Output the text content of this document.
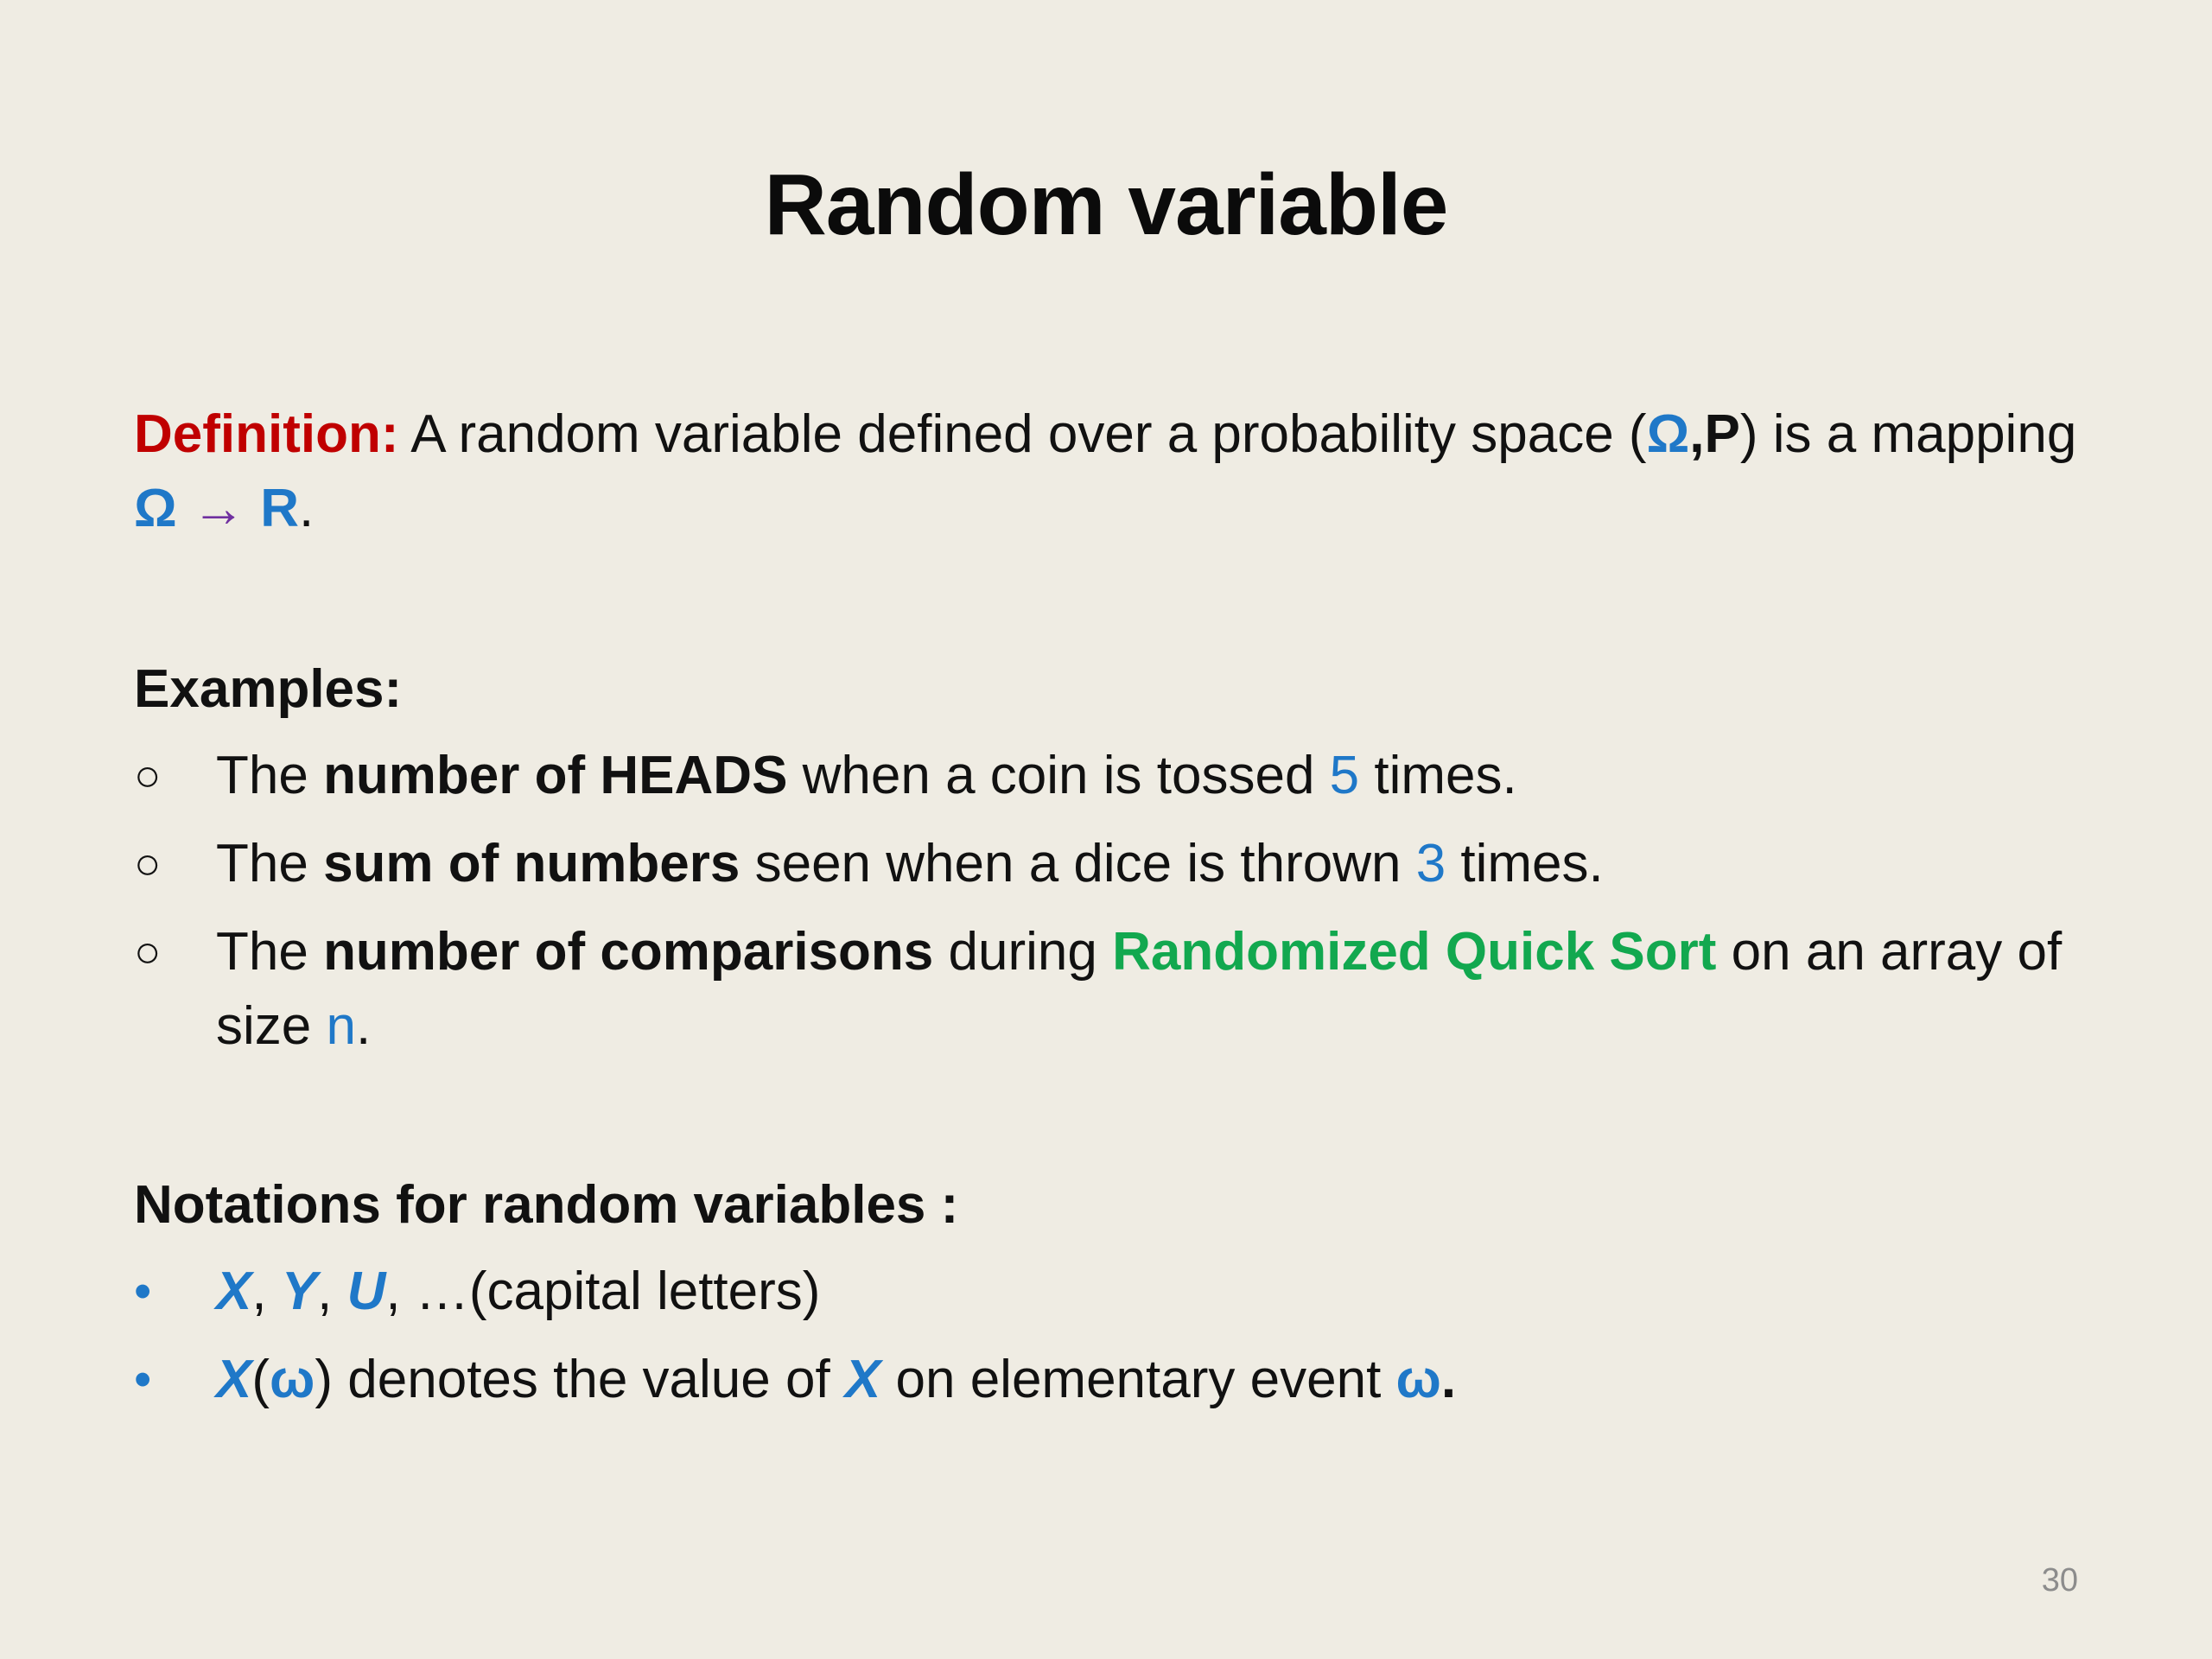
Random variable
Definition: A random variable defined over a probability space (Ω,P) is a mapping Ω → R.
Examples:
○	The number of HEADS when a coin is tossed 5 times.
○	The sum of numbers seen when a dice is thrown 3 times.
○	The number of comparisons during Randomized Quick Sort on an array of size n.
Notations for random variables :
•	X, Y, U, …(capital letters)
•	X(ω) denotes the value of X on elementary event ω.
30
